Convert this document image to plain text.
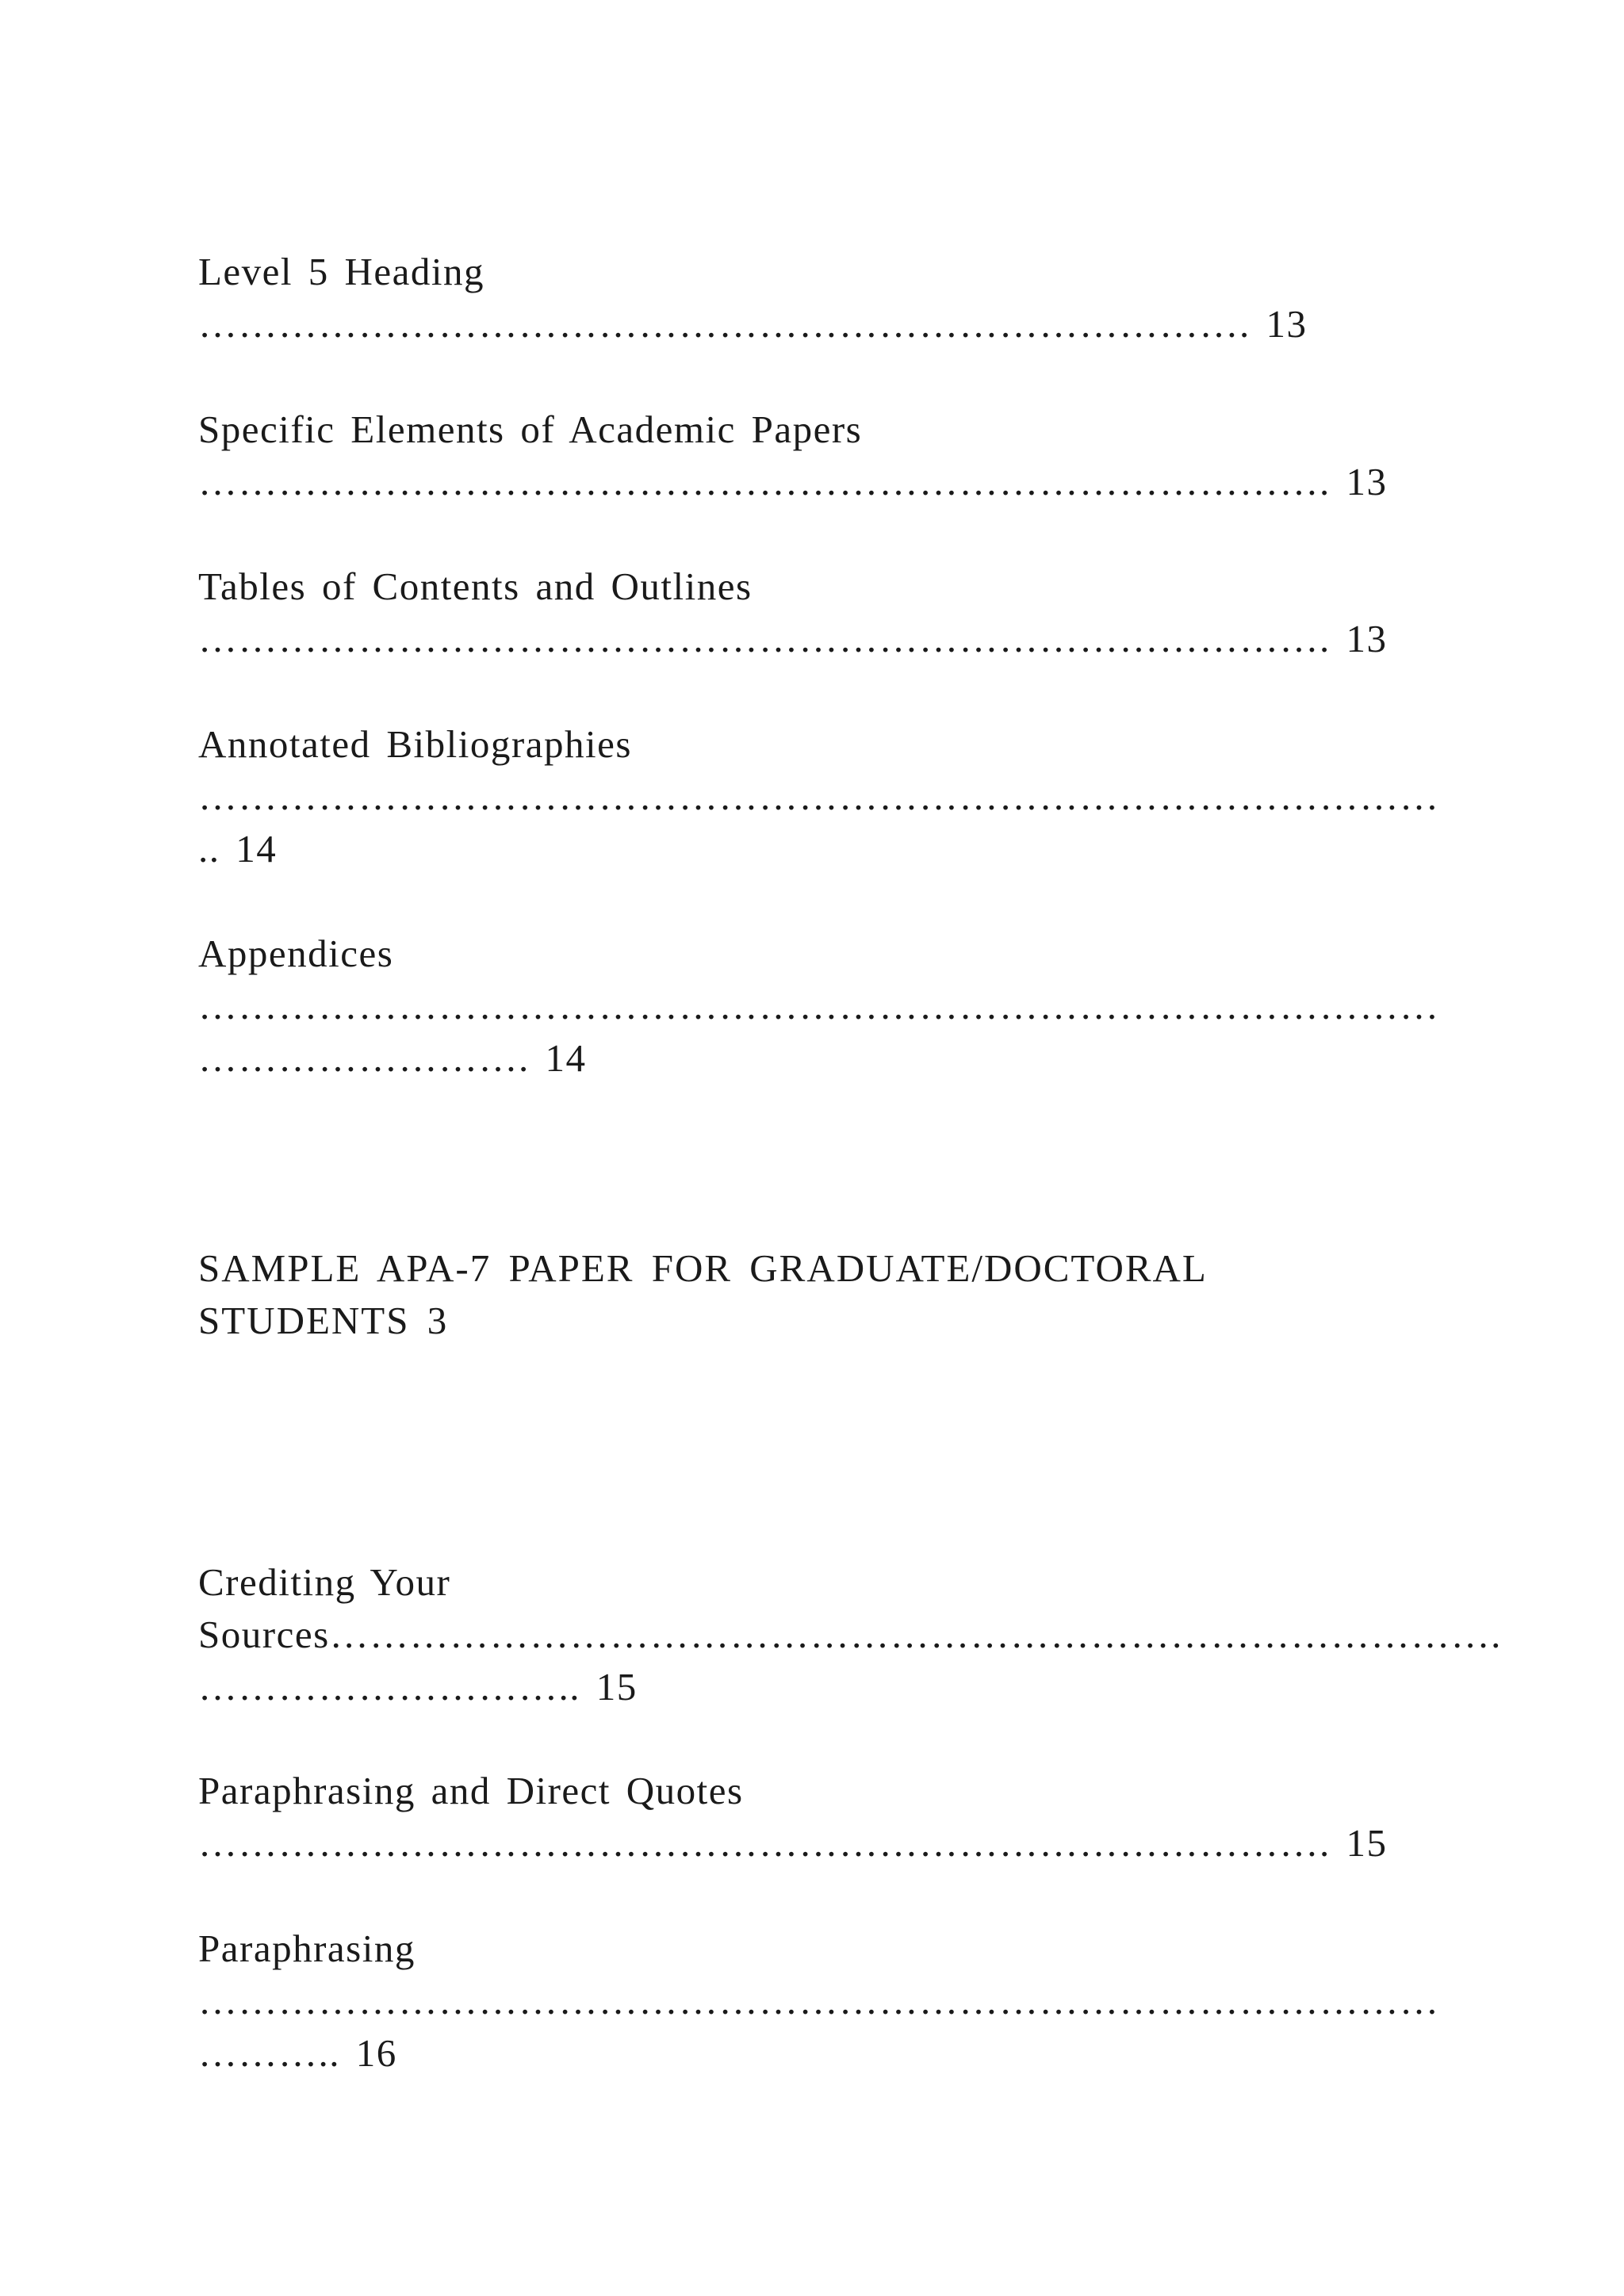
Level 5 Heading
……………………………………………………………………. 13
Specific Elements of Academic Papers
…………………………………………………………………………. 13
Tables of Contents and Outlines
…………………………………………………………………………. 13
Annotated Bibliographies
…………………………………………………………………………………
.. 14
Appendices
…………………………………………………………………………………
……………………. 14
SAMPLE APA-7 PAPER FOR GRADUATE/DOCTORAL
STUDENTS 3
Crediting Your
Sources…………………………………………………………………………….
……………………….. 15
Paraphrasing and Direct Quotes
…………………………………………………………………………. 15
Paraphrasing
…………………………………………………………………………………
……….. 16
